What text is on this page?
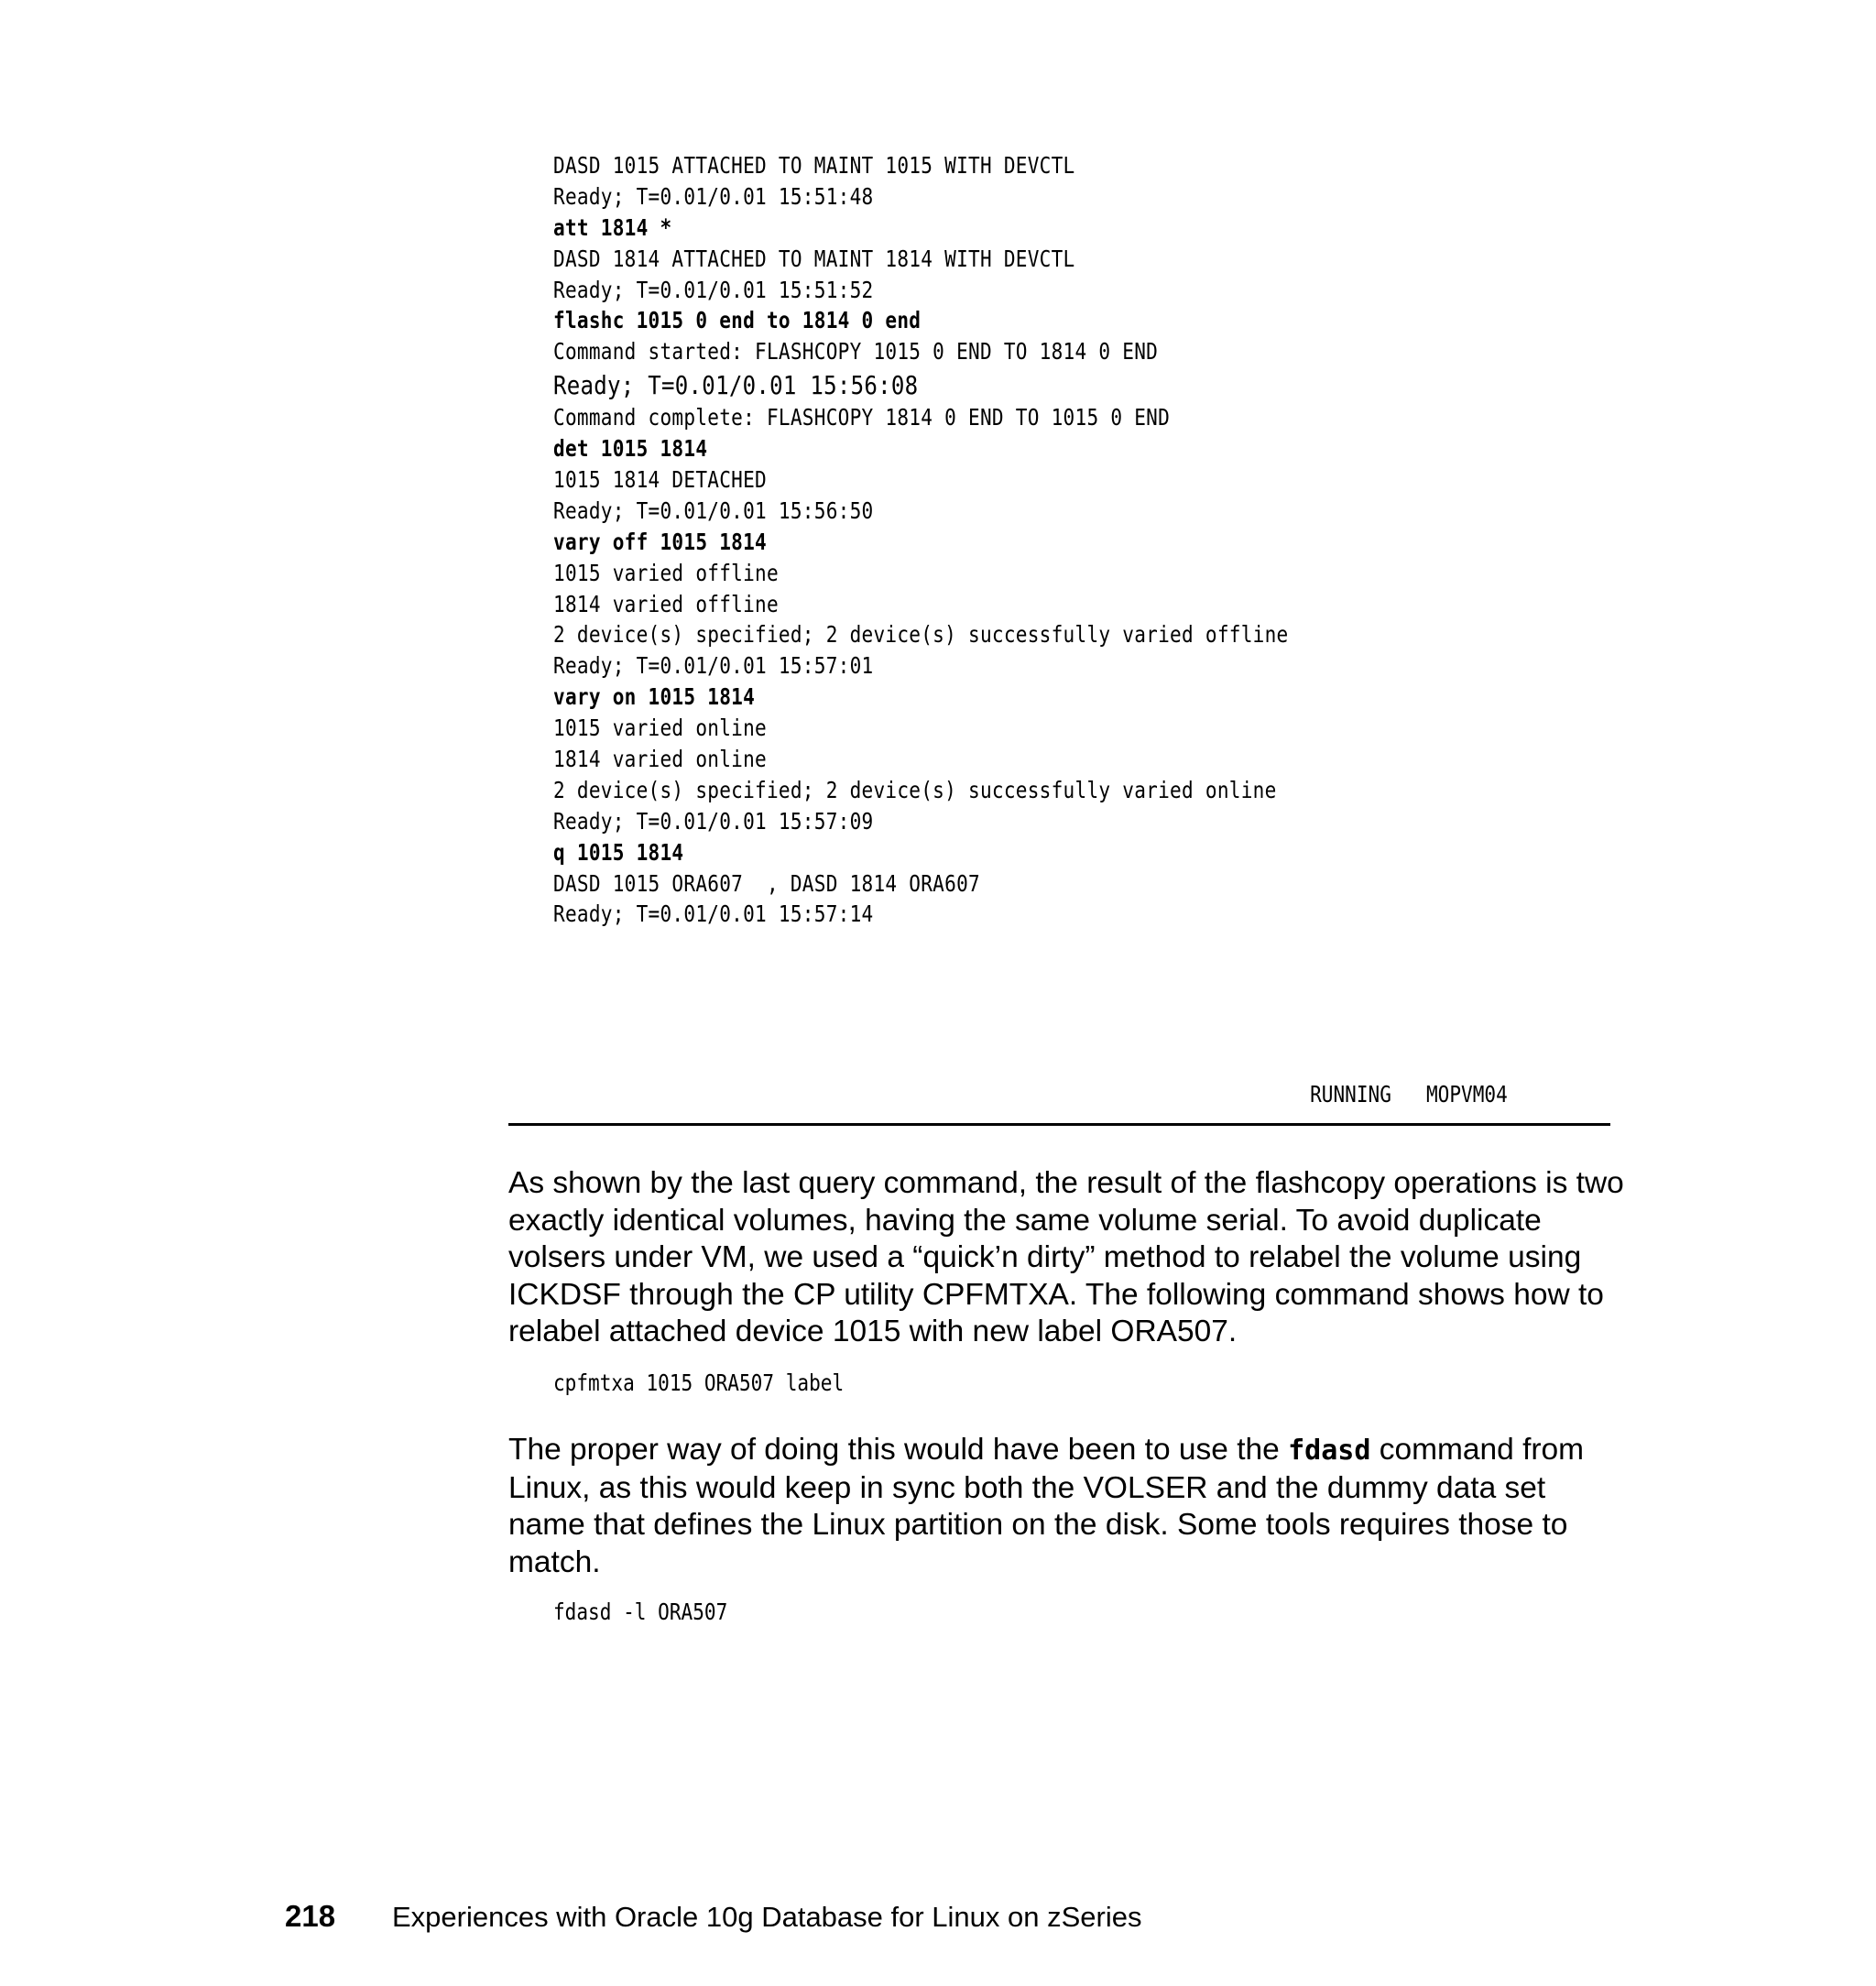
DASD 1015 ATTACHED TO MAINT 1015 WITH DEVCTL
Ready; T=0.01/0.01 15:51:48
att 1814 *
DASD 1814 ATTACHED TO MAINT 1814 WITH DEVCTL
Ready; T=0.01/0.01 15:51:52
flashc 1015 0 end to 1814 0 end
Command started: FLASHCOPY 1015 0 END TO 1814 0 END
Ready; T=0.01/0.01 15:56:08
Command complete: FLASHCOPY 1814 0 END TO 1015 0 END
det 1015 1814
1015 1814 DETACHED
Ready; T=0.01/0.01 15:56:50
vary off 1015 1814
1015 varied offline
1814 varied offline
2 device(s) specified; 2 device(s) successfully varied offline
Ready; T=0.01/0.01 15:57:01
vary on 1015 1814
1015 varied online
1814 varied online
2 device(s) specified; 2 device(s) successfully varied online
Ready; T=0.01/0.01 15:57:09
q 1015 1814
DASD 1015 ORA607  , DASD 1814 ORA607
Ready; T=0.01/0.01 15:57:14
RUNNING   MOPVM04

As shown by the last query command, the result of the flashcopy operations is two exactly identical volumes, having the same volume serial. To avoid duplicate volsers under VM, we used a “quick’n dirty” method to relabel the volume using ICKDSF through the CP utility CPFMTXA. The following command shows how to relabel attached device 1015 with new label ORA507.

cpfmtxa 1015 ORA507 label

The proper way of doing this would have been to use the fdasd command from Linux, as this would keep in sync both the VOLSER and the dummy data set name that defines the Linux partition on the disk. Some tools requires those to match.

fdasd -l ORA507
218 Experiences with Oracle 10g Database for Linux on zSeries
